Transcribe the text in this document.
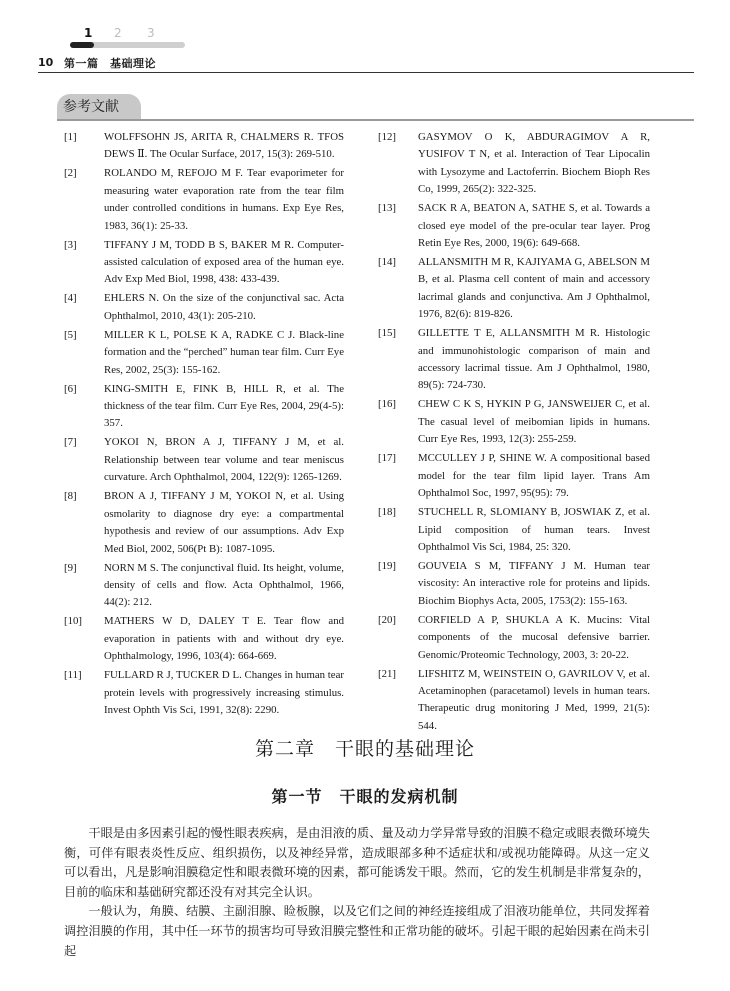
1 2 3
10 第一篇　基础理论
参考文献
[1]	WOLFFSOHN JS, ARITA R, CHALMERS R. TFOS DEWS Ⅱ. The Ocular Surface, 2017, 15(3): 269-510.
[2]	ROLANDO M, REFOJO M F. Tear evaporimeter for measuring water evaporation rate from the tear film under controlled conditions in humans. Exp Eye Res, 1983, 36(1): 25-33.
[3]	TIFFANY J M, TODD B S, BAKER M R. Computer-assisted calculation of exposed area of the human eye. Adv Exp Med Biol, 1998, 438: 433-439.
[4]	EHLERS N. On the size of the conjunctival sac. Acta Ophthalmol, 2010, 43(1): 205-210.
[5]	MILLER K L, POLSE K A, RADKE C J. Black-line formation and the “perched” human tear film. Curr Eye Res, 2002, 25(3): 155-162.
[6]	KING-SMITH E, FINK B, HILL R, et al. The thickness of the tear film. Curr Eye Res, 2004, 29(4-5): 357.
[7]	YOKOI N, BRON A J, TIFFANY J M, et al. Relationship between tear volume and tear meniscus curvature. Arch Ophthalmol, 2004, 122(9): 1265-1269.
[8]	BRON A J, TIFFANY J M, YOKOI N, et al. Using osmolarity to diagnose dry eye: a compartmental hypothesis and review of our assumptions. Adv Exp Med Biol, 2002, 506(Pt B): 1087-1095.
[9]	NORN M S. The conjunctival fluid. Its height, volume, density of cells and flow. Acta Ophthalmol, 1966, 44(2): 212.
[10]	MATHERS W D, DALEY T E. Tear flow and evaporation in patients with and without dry eye. Ophthalmology, 1996, 103(4): 664-669.
[11]	FULLARD R J, TUCKER D L. Changes in human tear protein levels with progressively increasing stimulus. Invest Ophth Vis Sci, 1991, 32(8): 2290.
[12]	GASYMOV O K, ABDURAGIMOV A R, YUSIFOV T N, et al. Interaction of Tear Lipocalin with Lysozyme and Lactoferrin. Biochem Bioph Res Co, 1999, 265(2): 322-325.
[13]	SACK R A, BEATON A, SATHE S, et al. Towards a closed eye model of the pre-ocular tear layer. Prog Retin Eye Res, 2000, 19(6): 649-668.
[14]	ALLANSMITH M R, KAJIYAMA G, ABELSON M B, et al. Plasma cell content of main and accessory lacrimal glands and conjunctiva. Am J Ophthalmol, 1976, 82(6): 819-826.
[15]	GILLETTE T E, ALLANSMITH M R. Histologic and immunohistologic comparison of main and accessory lacrimal tissue. Am J Ophthalmol, 1980, 89(5): 724-730.
[16]	CHEW C K S, HYKIN P G, JANSWEIJER C, et al. The casual level of meibomian lipids in humans. Curr Eye Res, 1993, 12(3): 255-259.
[17]	MCCULLEY J P, SHINE W. A compositional based model for the tear film lipid layer. Trans Am Ophthalmol Soc, 1997, 95(95): 79.
[18]	STUCHELL R, SLOMIANY B, JOSWIAK Z, et al. Lipid composition of human tears. Invest Ophthalmol Vis Sci, 1984, 25: 320.
[19]	GOUVEIA S M, TIFFANY J M. Human tear viscosity: An interactive role for proteins and lipids. Biochim Biophys Acta, 2005, 1753(2): 155-163.
[20]	CORFIELD A P, SHUKLA A K. Mucins: Vital components of the mucosal defensive barrier. Genomic/Proteomic Technology, 2003, 3: 20-22.
[21]	LIFSHITZ M, WEINSTEIN O, GAVRILOV V, et al. Acetaminophen (paracetamol) levels in human tears. Therapeutic drug monitoring J Med, 1999, 21(5): 544.
第二章　干眼的基础理论
第一节　干眼的发病机制

干眼是由多因素引起的慢性眼表疾病，是由泪液的质、量及动力学异常导致的泪膜不稳定或眼表微环境失衡，可伴有眼表炎性反应、组织损伤，以及神经异常，造成眼部多种不适症状和/或视功能障碍。从这一定义可以看出，凡是影响泪膜稳定性和眼表微环境的因素，都可能诱发干眼。然而，它的发生机制是非常复杂的，目前的临床和基础研究都还没有对其完全认识。

一般认为，角膜、结膜、主副泪腺、睑板腺，以及它们之间的神经连接组成了泪液功能单位，共同发挥着调控泪膜的作用，其中任一环节的损害均可导致泪膜完整性和正常功能的破坏。引起干眼的起始因素在尚未引起
